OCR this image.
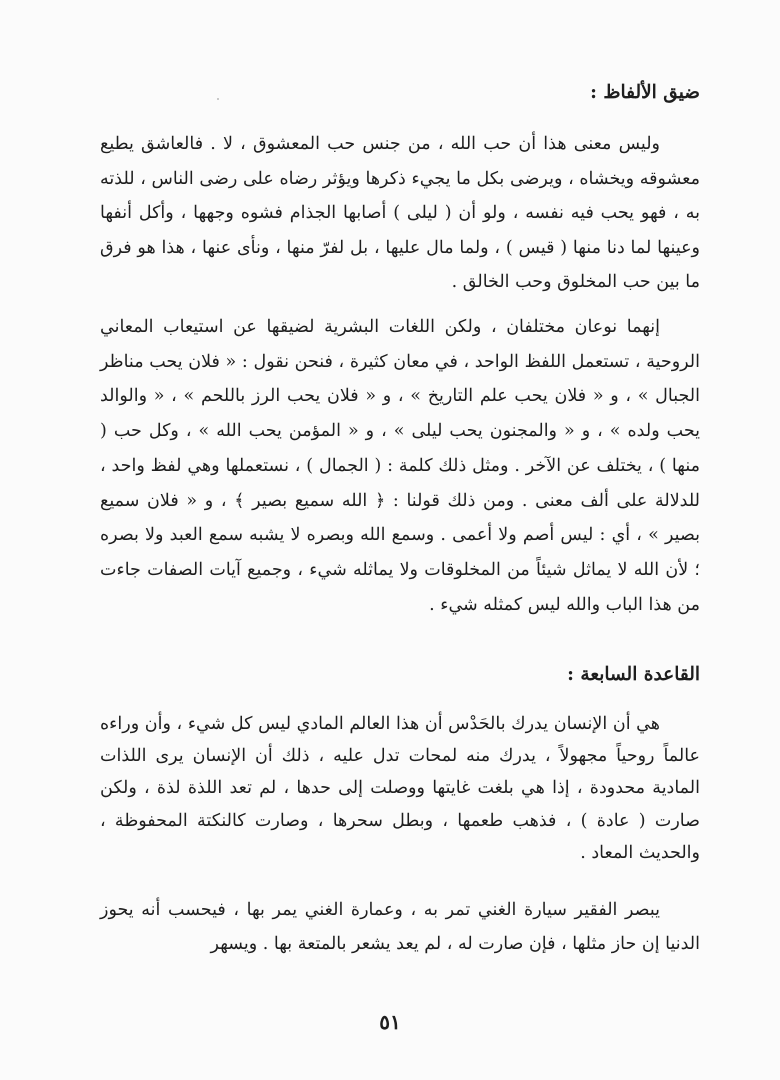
ضيق الألفاظ :

وليس معنى هذا أن حب الله ، من جنس حب المعشوق ، لا . فالعاشق يطيع معشوقه ويخشاه ، ويرضى بكل ما يجيء ذكرها ويؤثر رضاه على رضى الناس ، للذته به ، فهو يحب فيه نفسه ، ولو أن ( ليلى ) أصابها الجذام فشوه وجهها ، وأكل أنفها وعينها لما دنا منها ( قيس ) ، ولما مال عليها ، بل لفرّ منها ، ونأى عنها ، هذا هو فرق ما بين حب المخلوق وحب الخالق .

إنهما نوعان مختلفان ، ولكن اللغات البشرية لضيقها عن استيعاب المعاني الروحية ، تستعمل اللفظ الواحد ، في معان كثيرة ، فنحن نقول : « فلان يحب مناظر الجبال » ، و « فلان يحب علم التاريخ » ، و « فلان يحب الرز باللحم » ، « والوالد يحب ولده » ، و « والمجنون يحب ليلى » ، و « المؤمن يحب الله » ، وكل حب ( منها ) ، يختلف عن الآخر . ومثل ذلك كلمة : ( الجمال ) ، نستعملها وهي لفظ واحد ، للدلالة على ألف معنى . ومن ذلك قولنا : ﴿ الله سميع بصير ﴾ ، و « فلان سميع بصير » ، أي : ليس أصم ولا أعمى . وسمع الله وبصره لا يشبه سمع العبد ولا بصره ؛ لأن الله لا يماثل شيئاً من المخلوقات ولا يماثله شيء ، وجميع آيات الصفات جاءت من هذا الباب والله ليس كمثله شيء .

القاعدة السابعة :

هي أن الإنسان يدرك بالحَدْس أن هذا العالم المادي ليس كل شيء ، وأن وراءه عالماً روحياً مجهولاً ، يدرك منه لمحات تدل عليه ، ذلك أن الإنسان يرى اللذات المادية محدودة ، إذا هي بلغت غايتها ووصلت إلى حدها ، لم تعد اللذة لذة ، ولكن صارت ( عادة ) ، فذهب طعمها ، وبطل سحرها ، وصارت كالنكتة المحفوظة ، والحديث المعاد .

يبصر الفقير سيارة الغني تمر به ، وعمارة الغني يمر بها ، فيحسب أنه يحوز الدنيا إن حاز مثلها ، فإن صارت له ، لم يعد يشعر بالمتعة بها . ويسهر

٥١
